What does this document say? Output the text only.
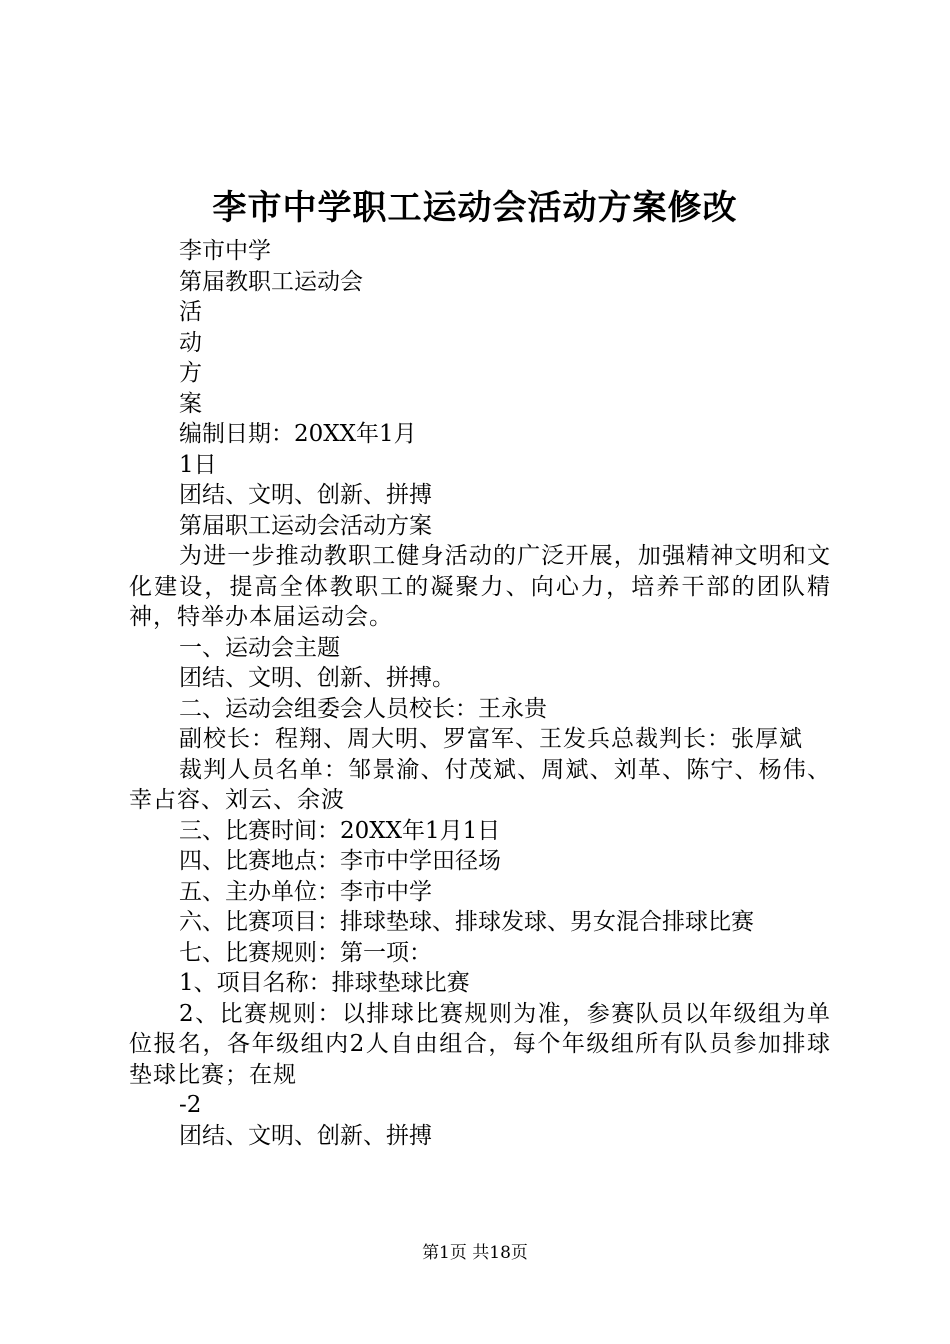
李市中学职工运动会活动方案修改
李市中学
第届教职工运动会
活
动
方
案
编制日期：20XX年1月
1日
团结、文明、创新、拼搏
第届职工运动会活动方案
为进一步推动教职工健身活动的广泛开展，加强精神文明和文化建设，提高全体教职工的凝聚力、向心力，培养干部的团队精神，特举办本届运动会。
一、运动会主题
团结、文明、创新、拼搏。
二、运动会组委会人员校长：王永贵
副校长：程翔、周大明、罗富军、王发兵总裁判长：张厚斌
裁判人员名单：邹景渝、付茂斌、周斌、刘革、陈宁、杨伟、幸占容、刘云、余波
三、比赛时间：20XX年1月1日
四、比赛地点：李市中学田径场
五、主办单位：李市中学
六、比赛项目：排球垫球、排球发球、男女混合排球比赛
七、比赛规则：第一项：
1、项目名称：排球垫球比赛
2、比赛规则：以排球比赛规则为准，参赛队员以年级组为单位报名，各年级组内2人自由组合，每个年级组所有队员参加排球垫球比赛；在规
-2
团结、文明、创新、拼搏
第1页 共18页
